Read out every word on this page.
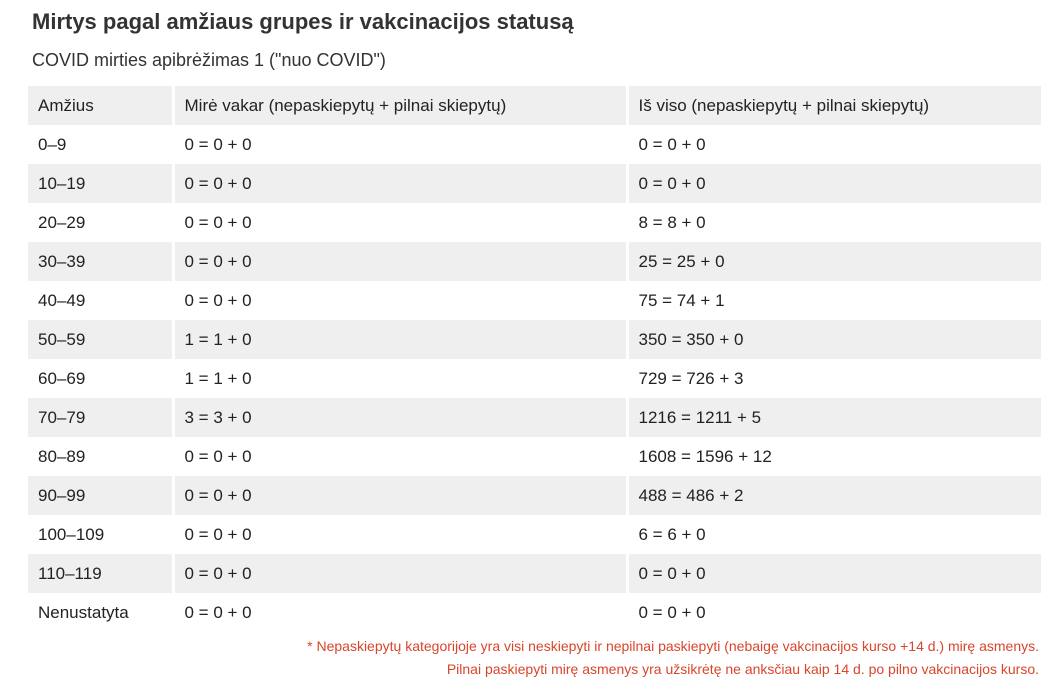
Mirtys pagal amžiaus grupes ir vakcinacijos statusą
COVID mirties apibrėžimas 1 ("nuo COVID")
Amžius	Mirė vakar (nepaskiepytų + pilnai skiepytų)	Iš viso (nepaskiepytų + pilnai skiepytų)
0–9	0 = 0 + 0	0 = 0 + 0
10–19	0 = 0 + 0	0 = 0 + 0
20–29	0 = 0 + 0	8 = 8 + 0
30–39	0 = 0 + 0	25 = 25 + 0
40–49	0 = 0 + 0	75 = 74 + 1
50–59	1 = 1 + 0	350 = 350 + 0
60–69	1 = 1 + 0	729 = 726 + 3
70–79	3 = 3 + 0	1216 = 1211 + 5
80–89	0 = 0 + 0	1608 = 1596 + 12
90–99	0 = 0 + 0	488 = 486 + 2
100–109	0 = 0 + 0	6 = 6 + 0
110–119	0 = 0 + 0	0 = 0 + 0
Nenustatyta	0 = 0 + 0	0 = 0 + 0
* Nepaskiepytų kategorijoje yra visi neskiepyti ir nepilnai paskiepyti (nebaigę vakcinacijos kurso +14 d.) mirę asmenys.
Pilnai paskiepyti mirę asmenys yra užsikrėtę ne anksčiau kaip 14 d. po pilno vakcinacijos kurso.
